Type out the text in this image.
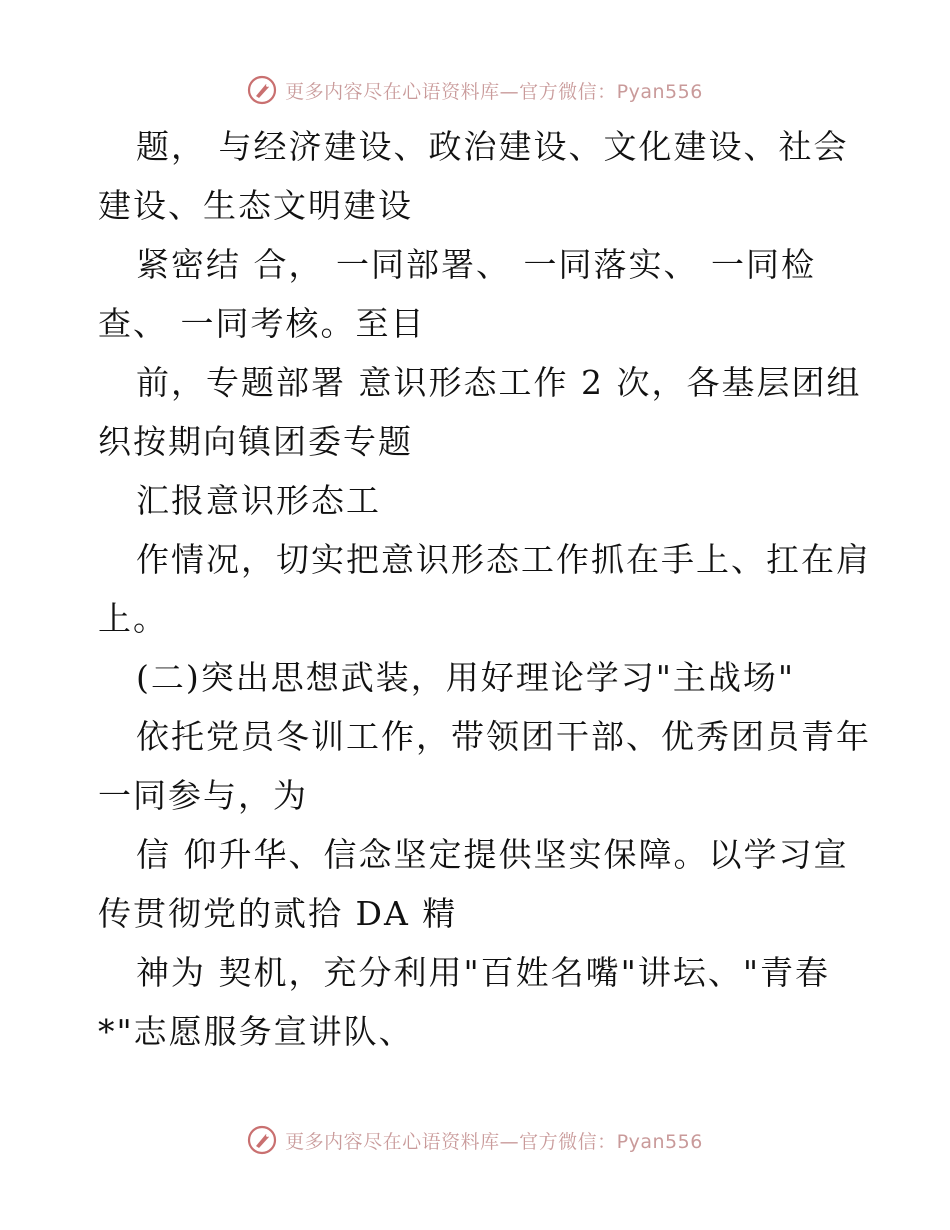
更多内容尽在心语资料库—官方微信：Pyan556
题， 与经济建设、政治建设、文化建设、社会
建设、生态文明建设
紧密结 合， 一同部署、 一同落实、 一同检
查、 一同考核。至目
前，专题部署 意识形态工作 2 次，各基层团组
织按期向镇团委专题
汇报意识形态工
作情况，切实把意识形态工作抓在手上、扛在肩
上。
(二)突出思想武装，用好理论学习"主战场"
依托党员冬训工作，带领团干部、优秀团员青年
一同参与，为
信 仰升华、信念坚定提供坚实保障。以学习宣
传贯彻党的贰拾 DA 精
神为 契机，充分利用"百姓名嘴"讲坛、"青春
*"志愿服务宣讲队、
更多内容尽在心语资料库—官方微信：Pyan556
